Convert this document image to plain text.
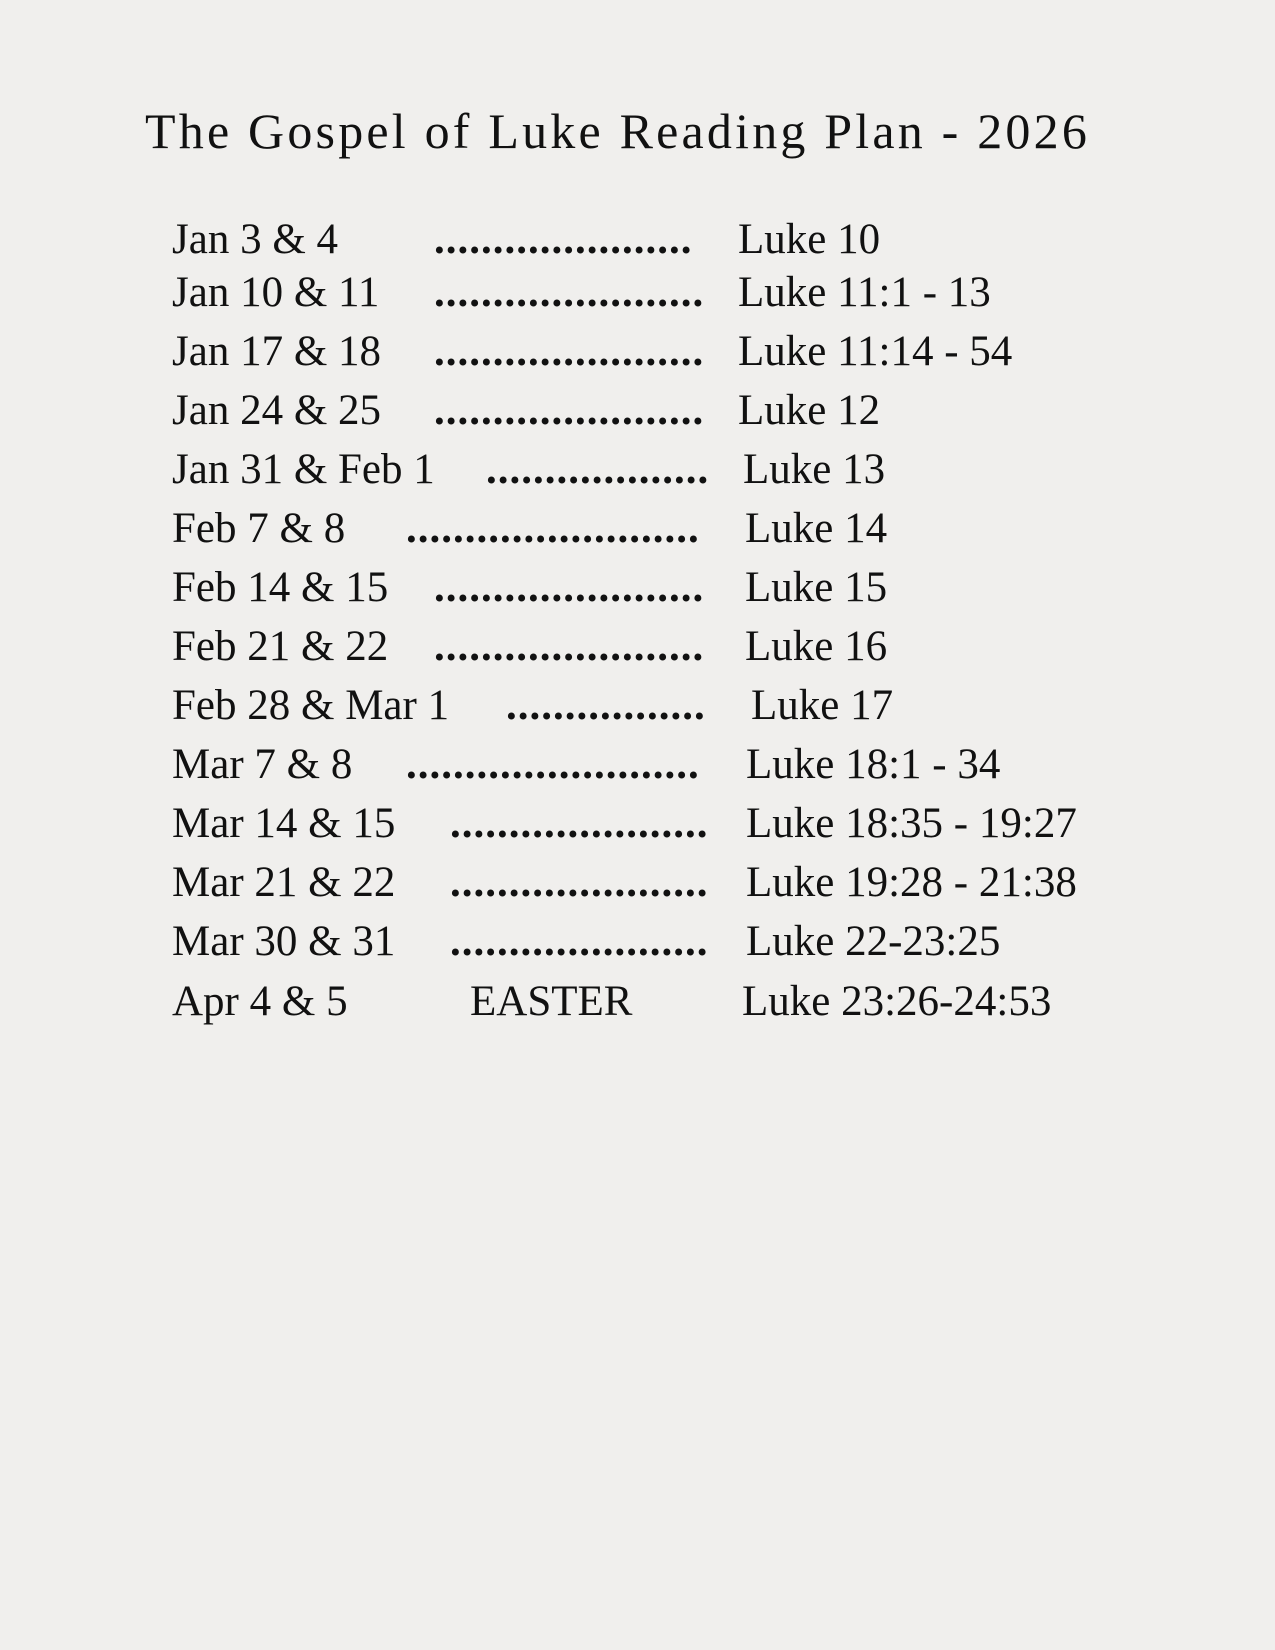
The Gospel of Luke Reading Plan - 2026
Jan 3 & 4 ......................	Luke 10
Jan 10 & 11 ....................... Luke 11:1 - 13
Jan 17 & 18 ....................... Luke 11:14 - 54
Jan 24 & 25 ....................... Luke 12
Jan 31 & Feb 1 ................... Luke 13
Feb 7 & 8 .........................	Luke 14
Feb 14 & 15 ....................... Luke 15
Feb 21 & 22 ....................... Luke 16
Feb 28 & Mar 1 ................. Luke 17
Mar 7 & 8 .........................	Luke 18:1 - 34
Mar 14 & 15 ...................... Luke 18:35 - 19:27
Mar 21 & 22 ...................... Luke 19:28 - 21:38
Mar 30 & 31 ...................... Luke 22-23:25
Apr 4 & 5	EASTER	Luke 23:26-24:53
